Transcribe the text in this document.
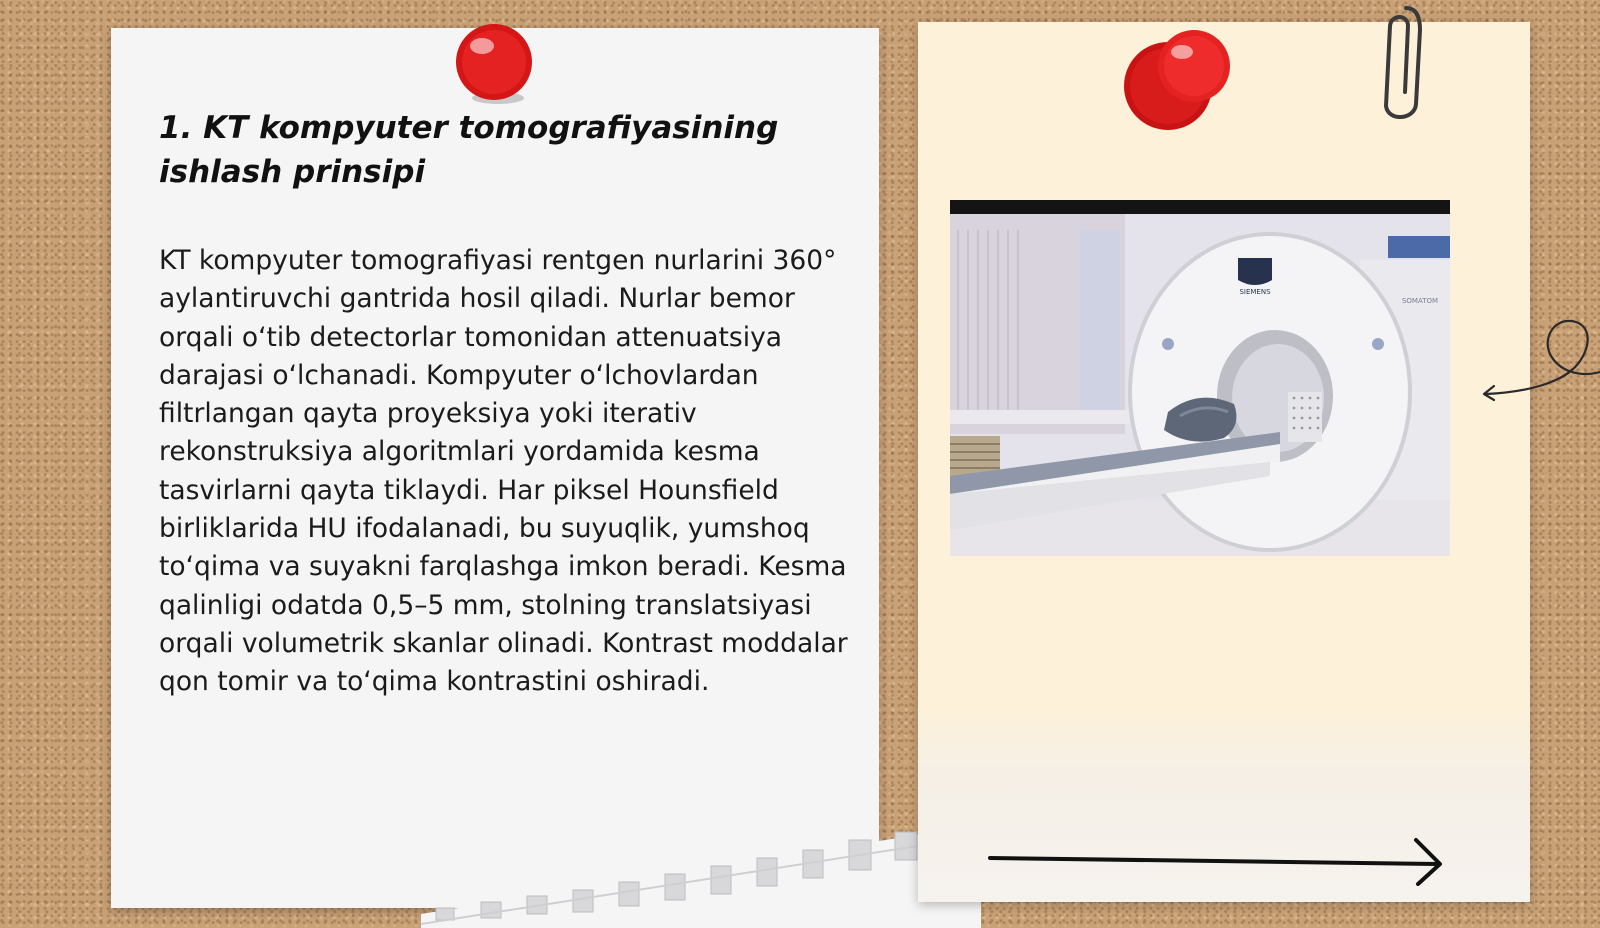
1. KT kompyuter tomografiyasining ishlash prinsipi

KT kompyuter tomografiyasi rentgen nurlarini 360° aylantiruvchi gantrida hosil qiladi. Nurlar bemor orqali o‘tib detectorlar tomonidan attenuatsiya darajasi o‘lchanadi. Kompyuter o‘lchovlardan filtrlangan qayta proyeksiya yoki iterativ rekonstruksiya algoritmlari yordamida kesma tasvirlarni qayta tiklaydi. Har piksel Hounsfield birliklarida HU ifodalanadi, bu suyuqlik, yumshoq to‘qima va suyakni farqlashga imkon beradi. Kesma qalinligi odatda 0,5–5 mm, stolning translatsiyasi orqali volumetrik skanlar olinadi. Kontrast moddalar qon tomir va to‘qima kontrastini oshiradi.

SIEMENS
SOMATOM
